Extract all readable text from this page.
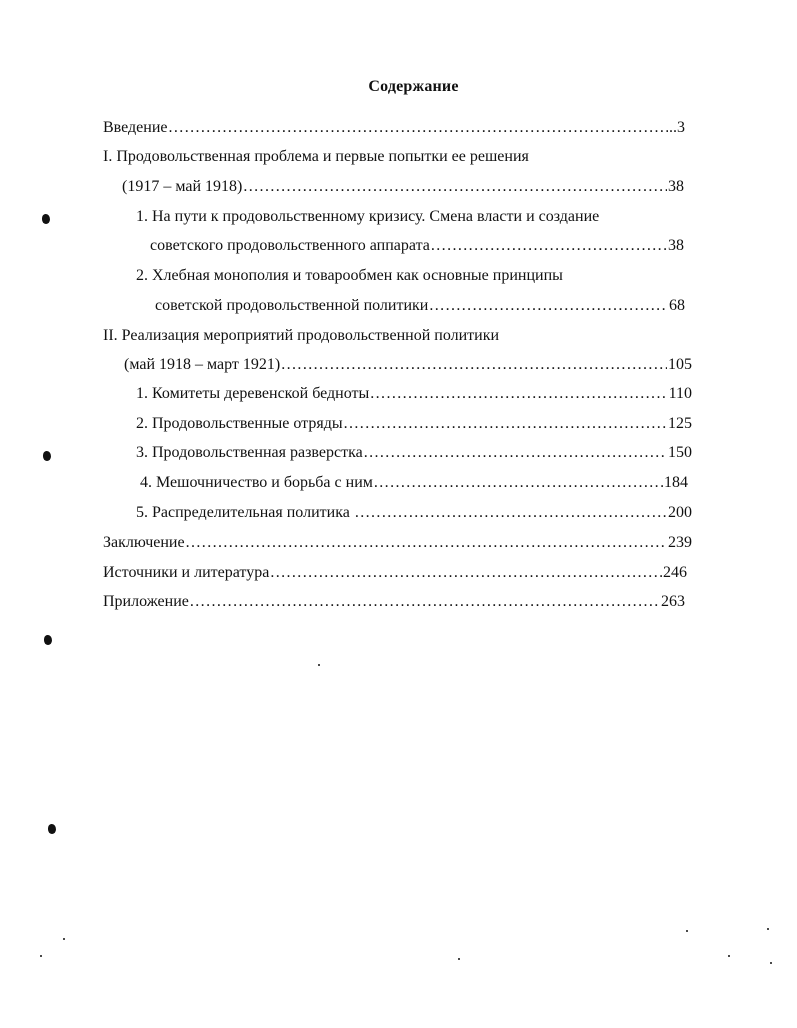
Содержание
Введение .....	..3
I. Продовольственная проблема и первые попытки ее решения
(1917 – май 1918) .....	38
1. На пути к продовольственному кризису. Смена власти и создание
советского продовольственного аппарата .....	38
2. Хлебная монополия и товарообмен как основные принципы
советской продовольственной политики .....	68
II. Реализация мероприятий продовольственной политики
(май 1918 – март 1921) .....	105
1. Комитеты деревенской бедноты .....	110
2. Продовольственные отряды .....	125
3. Продовольственная разверстка .....	150
4. Мешочничество и борьба с ним .....	184
5. Распределительная политика .....	200
Заключение .....	239
Источники и литература .....	246
Приложение .....	263
